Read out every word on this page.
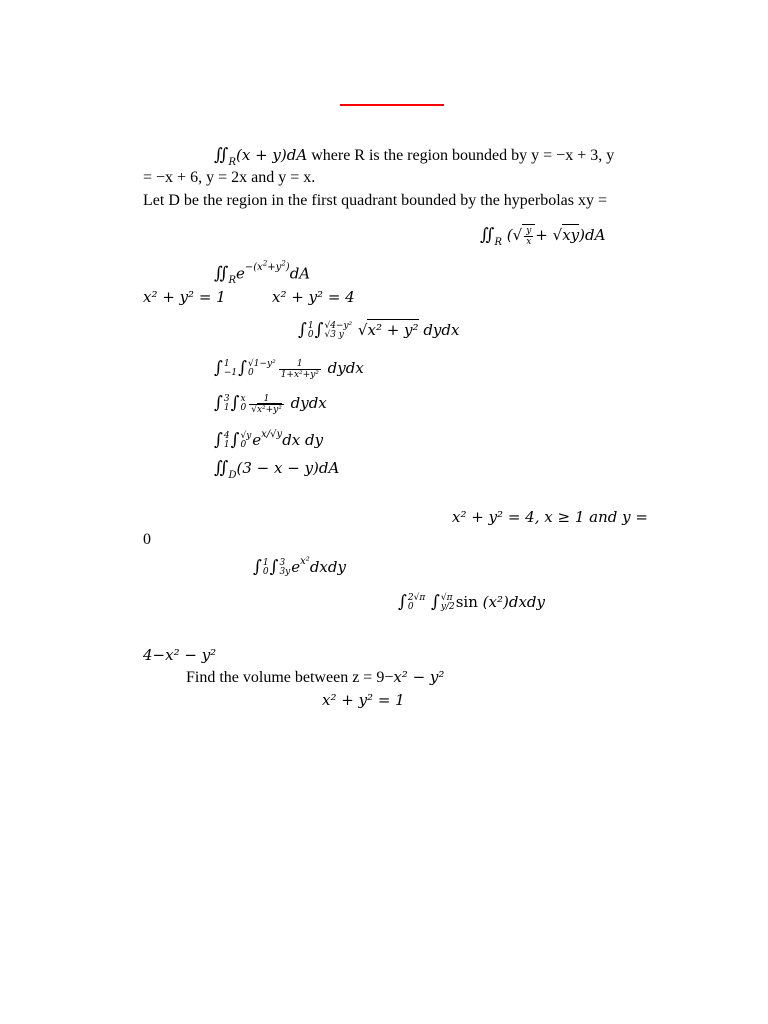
$∬_R(x + y)dA$ where R is the region bounded by y = −x + 3, y
= −x + 6, y = 2x and y = x.
Let D be the region in the first quadrant bounded by the hyperbolas xy =
$∬_R$ (√ $\frac{y}{x} + √xy)dA$
$∬_Re^{-(x^2+y^2)}dA$
x² + y² = 1	x² + y² = 4
∫ 1
0 ∫ √4−y²
√3 y √x² + y² dydx
∫ 1
−1 ∫ √1−y²
0	$\frac{1}{\text{1+x²+y²}}$ dydx
∫ 3
1 ∫ x
$0 \frac{1}{\text{√x²+y²}}$ dydx
∫ 4
1 ∫ √y
0 $e^{x/√y}dx$ dy
$∬_D(3 - x - y)dA$
x² + y² = 4, x ≥ 1 and y =
0
∫ 1
0 ∫ 3
3y $e^{x^2}dxdy$
∫ 2√π
0	∫ √π
y/2 sin (x²)dxdy
4−x² − y²
Find the volume between z = 9−x² − y²
x² + y² = 1
